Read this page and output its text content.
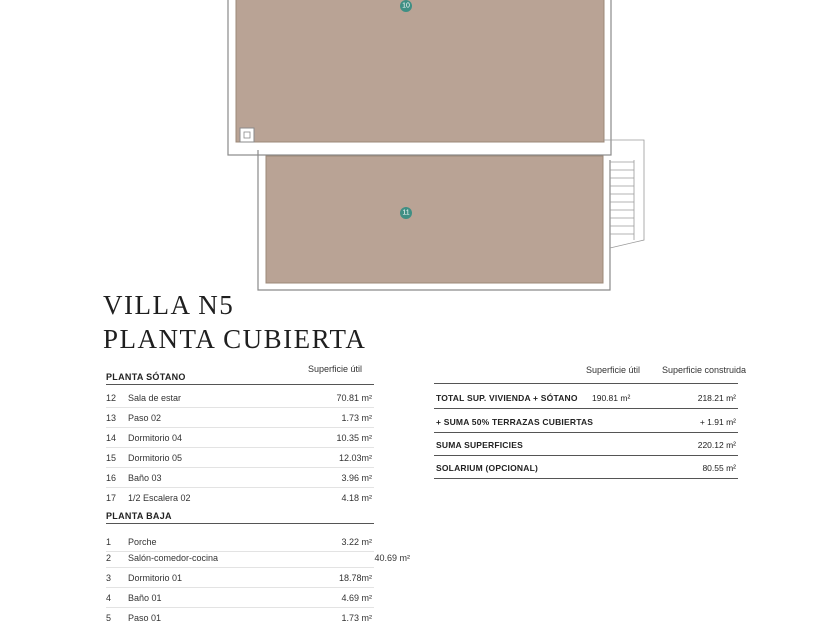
10
11
VILLA N5
PLANTA CUBIERTA
Superficie útil
PLANTA SÓTANO
12 Sala de estar	70.81 m²
13 Paso 02	1.73 m²
14 Dormitorio 04	10.35 m²
15 Dormitorio 05	12.03m²
16 Baño 03	3.96 m²
17 1/2 Escalera 02	4.18 m²
PLANTA BAJA
1 Porche	3.22 m²
2 Salón-comedor-cocina	40.69 m²
3 Dormitorio 01	18.78m²
4 Baño 01	4.69 m²
5 Paso 01	1.73 m²
Superficie útil Superficie construida
TOTAL SUP. VIVIENDA + SÓTANO 190.81 m²	218.21 m²
+ SUMA 50% TERRAZAS CUBIERTAS	+ 1.91 m²
SUMA SUPERFICIES	220.12 m²
SOLARIUM (OPCIONAL)	80.55 m²
